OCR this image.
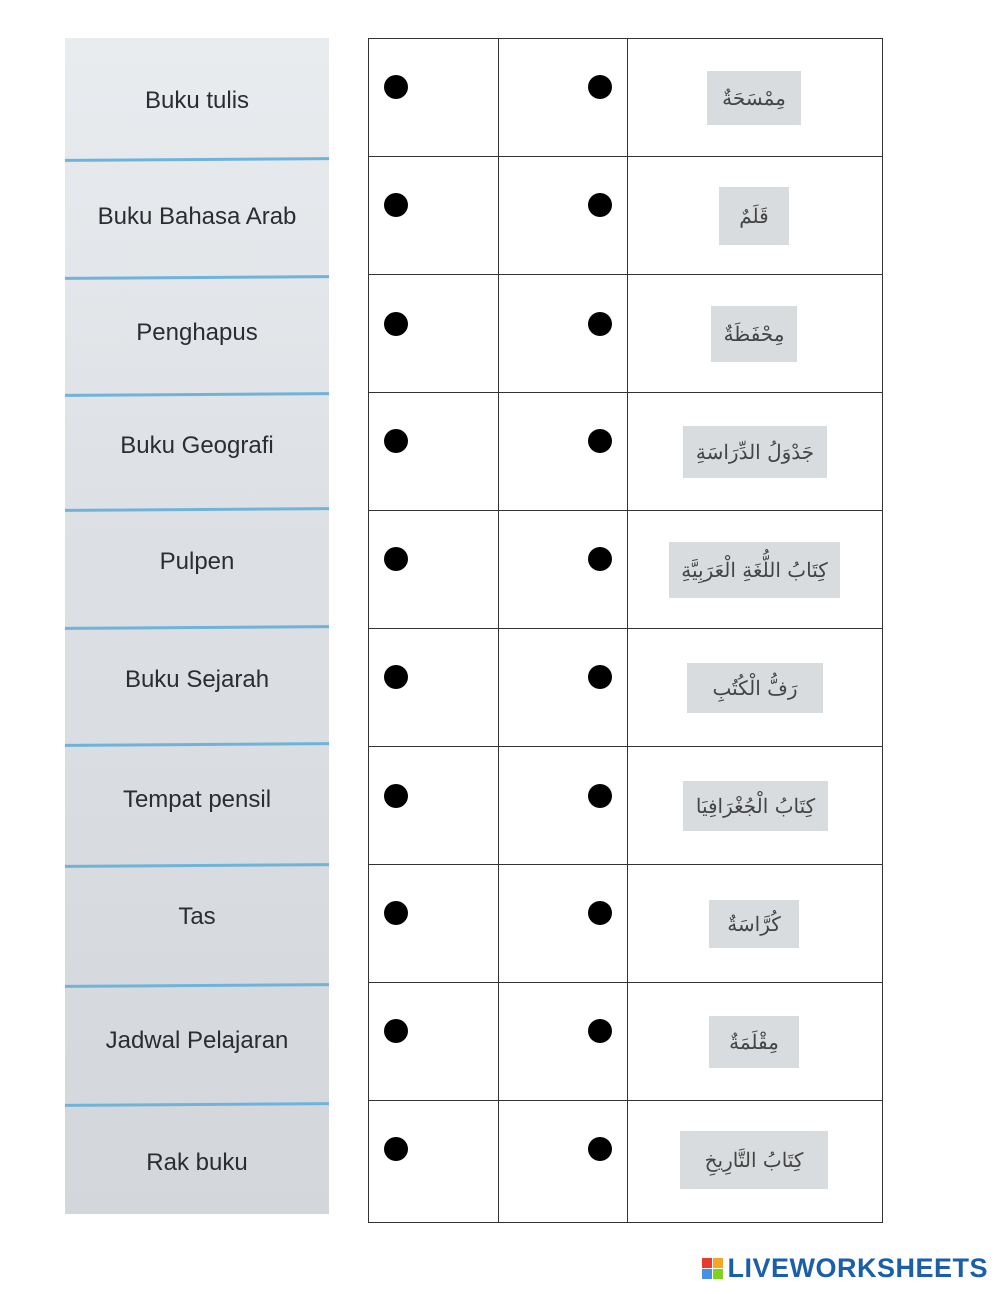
Buku tulis
Buku Bahasa Arab
Penghapus
Buku Geografi
Pulpen
Buku Sejarah
Tempat pensil
Tas
Jadwal Pelajaran
Rak buku
مِمْسَحَةٌ
قَلَمٌ
مِحْفَظَةٌ
جَدْوَلُ الدِّرَاسَةِ
كِتَابُ اللُّغَةِ الْعَرَبِيَّةِ
رَفُّ الْكُتُبِ
كِتَابُ الْجُغْرَافِيَا
كُرَّاسَةٌ
مِقْلَمَةٌ
كِتَابُ التَّارِيخِ
LIVEWORKSHEETS
